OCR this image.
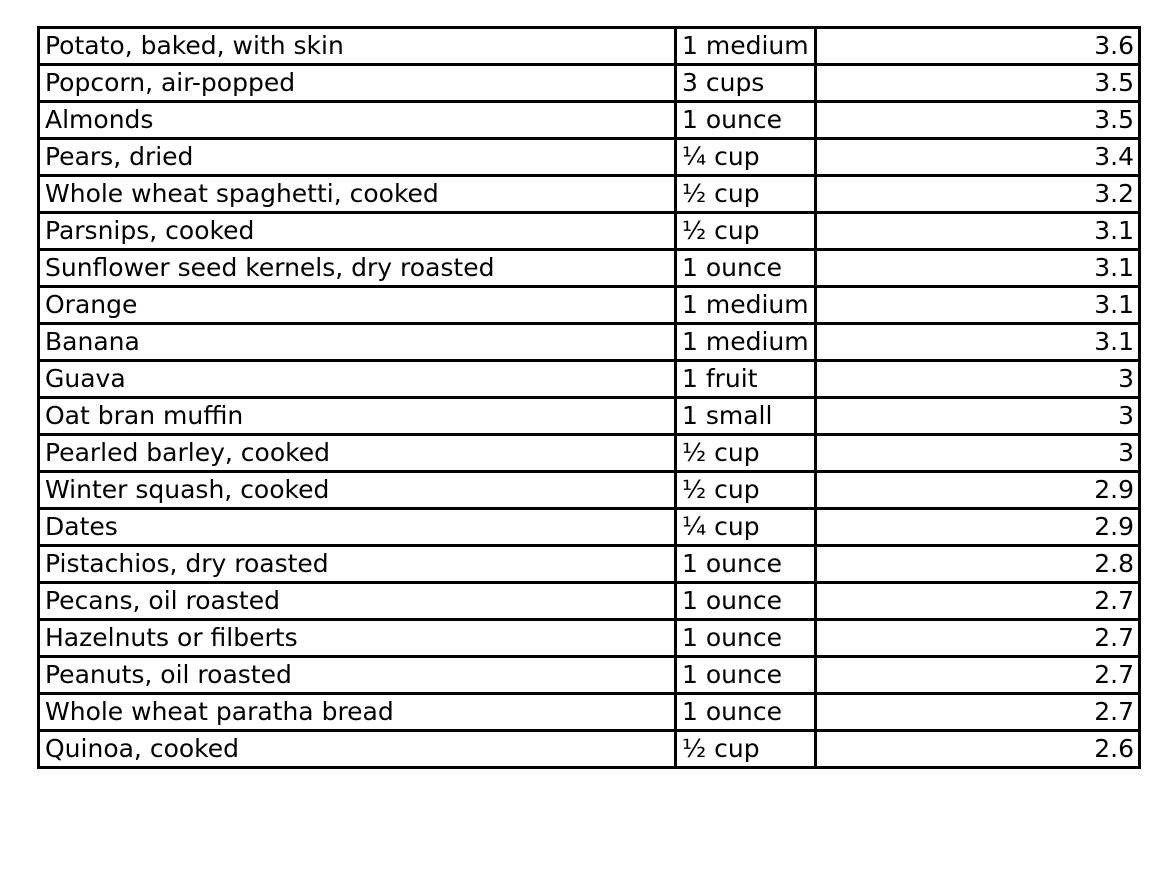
Potato, baked, with skin	1 medium	3.6
Popcorn, air-popped	3 cups	3.5
Almonds	1 ounce	3.5
Pears, dried	¼ cup	3.4
Whole wheat spaghetti, cooked	½ cup	3.2
Parsnips, cooked	½ cup	3.1
Sunflower seed kernels, dry roasted	1 ounce	3.1
Orange	1 medium	3.1
Banana	1 medium	3.1
Guava	1 fruit	3
Oat bran muffin	1 small	3
Pearled barley, cooked	½ cup	3
Winter squash, cooked	½ cup	2.9
Dates	¼ cup	2.9
Pistachios, dry roasted	1 ounce	2.8
Pecans, oil roasted	1 ounce	2.7
Hazelnuts or filberts	1 ounce	2.7
Peanuts, oil roasted	1 ounce	2.7
Whole wheat paratha bread	1 ounce	2.7
Quinoa, cooked	½ cup	2.6
